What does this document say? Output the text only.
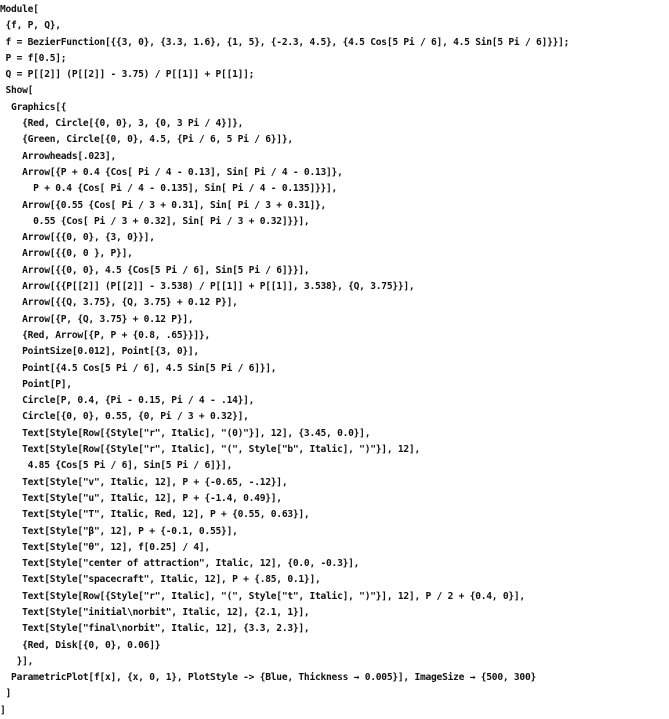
Module[
{f, P, Q},
f = BezierFunction[{{3, 0}, {3.3, 1.6}, {1, 5}, {-2.3, 4.5}, {4.5 Cos[5 Pi / 6], 4.5 Sin[5 Pi / 6]}}];
P = f[0.5];
Q = P[[2]] (P[[2]] - 3.75) / P[[1]] + P[[1]];
Show[
Graphics[{
{Red, Circle[{0, 0}, 3, {0, 3 Pi / 4}]},
{Green, Circle[{0, 0}, 4.5, {Pi / 6, 5 Pi / 6}]},
Arrowheads[.023],
Arrow[{P + 0.4 {Cos[ Pi / 4 - 0.13], Sin[ Pi / 4 - 0.13]},
P + 0.4 {Cos[ Pi / 4 - 0.135], Sin[ Pi / 4 - 0.135]}}],
Arrow[{0.55 {Cos[ Pi / 3 + 0.31], Sin[ Pi / 3 + 0.31]},
0.55 {Cos[ Pi / 3 + 0.32], Sin[ Pi / 3 + 0.32]}}],
Arrow[{{0, 0}, {3, 0}}],
Arrow[{{0, 0 }, P}],
Arrow[{{0, 0}, 4.5 {Cos[5 Pi / 6], Sin[5 Pi / 6]}}],
Arrow[{{P[[2]] (P[[2]] - 3.538) / P[[1]] + P[[1]], 3.538}, {Q, 3.75}}],
Arrow[{{Q, 3.75}, {Q, 3.75} + 0.12 P}],
Arrow[{P, {Q, 3.75} + 0.12 P}],
{Red, Arrow[{P, P + {0.8, .65}}]},
PointSize[0.012], Point[{3, 0}],
Point[{4.5 Cos[5 Pi / 6], 4.5 Sin[5 Pi / 6]}],
Point[P],
Circle[P, 0.4, {Pi - 0.15, Pi / 4 - .14}],
Circle[{0, 0}, 0.55, {0, Pi / 3 + 0.32}],
Text[Style[Row[{Style["r", Italic], "(0)"}], 12], {3.45, 0.0}],
Text[Style[Row[{Style["r", Italic], "(", Style["b", Italic], ")"}], 12],
4.85 {Cos[5 Pi / 6], Sin[5 Pi / 6]}],
Text[Style["v", Italic, 12], P + {-0.65, -.12}],
Text[Style["u", Italic, 12], P + {-1.4, 0.49}],
Text[Style["T", Italic, Red, 12], P + {0.55, 0.63}],
Text[Style["β", 12], P + {-0.1, 0.55}],
Text[Style["θ", 12], f[0.25] / 4],
Text[Style["center of attraction", Italic, 12], {0.0, -0.3}],
Text[Style["spacecraft", Italic, 12], P + {.85, 0.1}],
Text[Style[Row[{Style["r", Italic], "(", Style["t", Italic], ")"}], 12], P / 2 + {0.4, 0}],
Text[Style["initial\norbit", Italic, 12], {2.1, 1}],
Text[Style["final\norbit", Italic, 12], {3.3, 2.3}],
{Red, Disk[{0, 0}, 0.06]}
}],
ParametricPlot[f[x], {x, 0, 1}, PlotStyle -> {Blue, Thickness → 0.005}], ImageSize → {500, 300}
]
]
